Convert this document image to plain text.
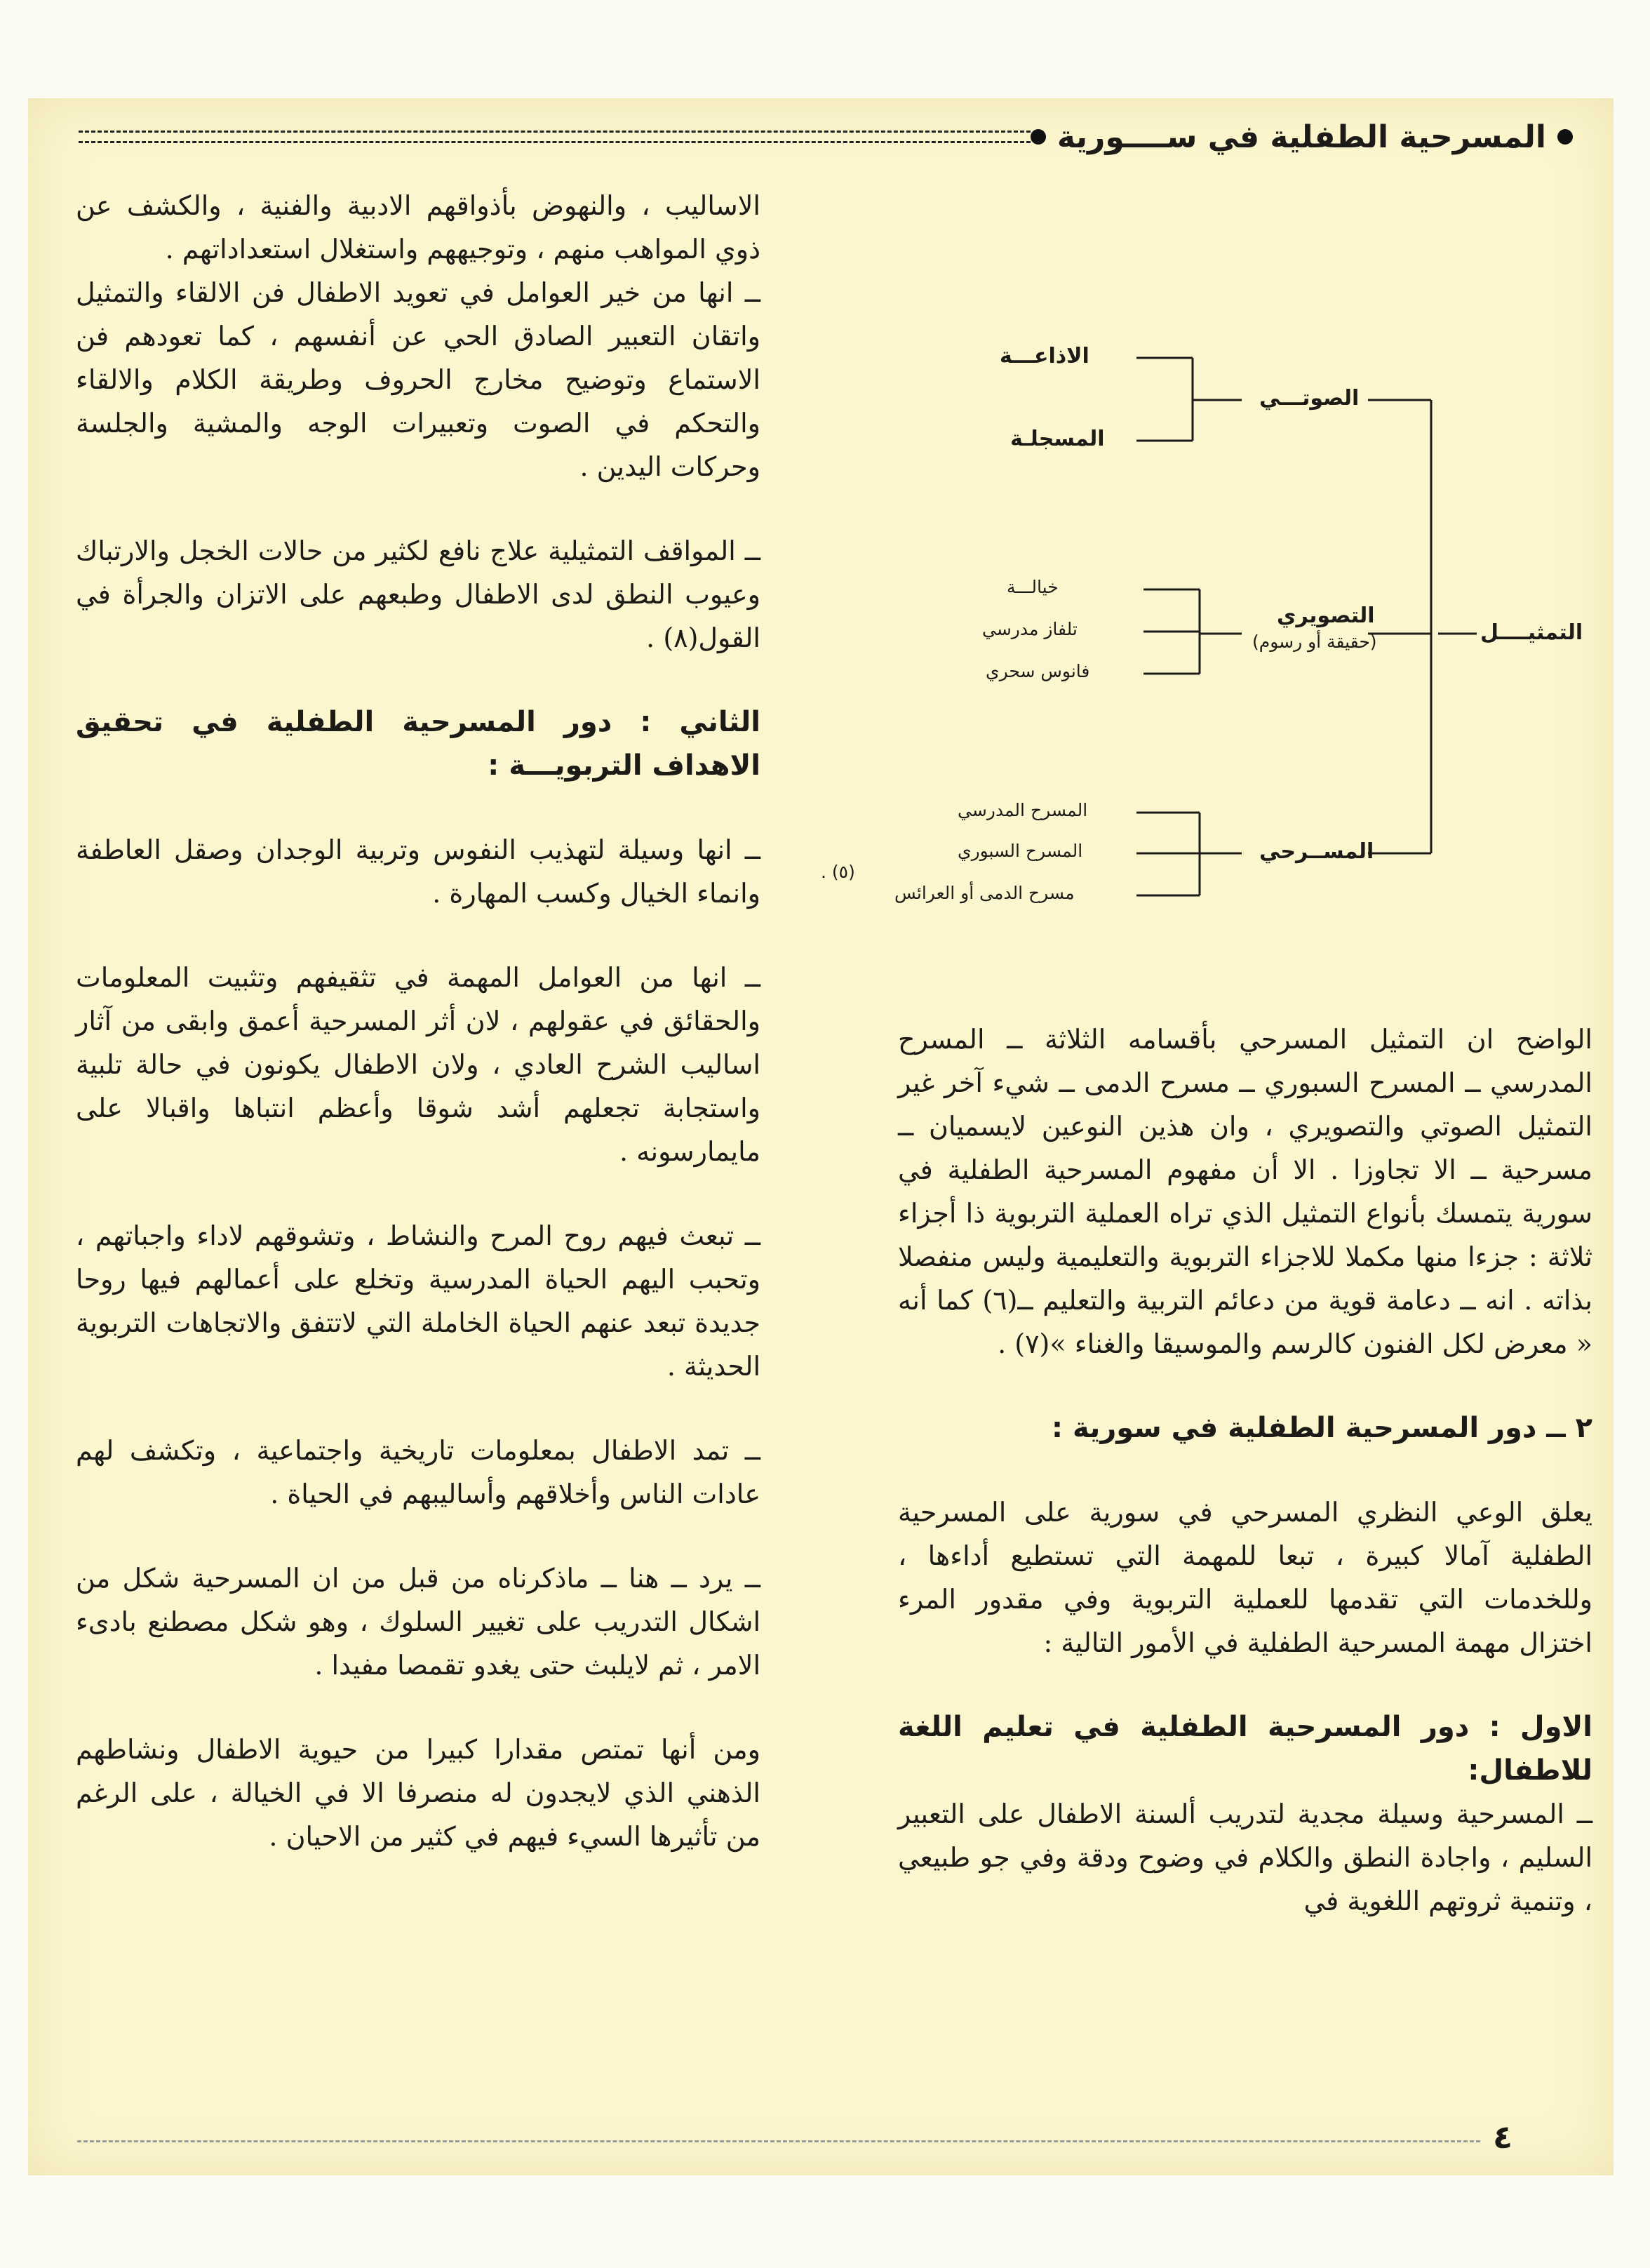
المسرحية الطفلية في ســــورية
التمثيــــل
الصوتـــي
التصويري
(حقيقة أو رسوم)
المســرحي
الاذاعـــة
المسجلـة
خيالـــة
تلفاز مدرسي
فانوس سحري
المسرح المدرسي
المسرح السبوري
مسرح الدمى أو العرائس
(٥) .

الواضح ان التمثيل المسرحي بأقسامه الثلاثة ــ المسرح المدرسي ــ المسرح السبوري ــ مسرح الدمى ــ شيء آخر غير التمثيل الصوتي والتصويري ، وان هذين النوعين لايسميان ــ مسرحية ــ الا تجاوزا . الا أن مفهوم المسرحية الطفلية في سورية يتمسك بأنواع التمثيل الذي تراه العملية التربوية ذا أجزاء ثلاثة : جزءا منها مكملا للاجزاء التربوية والتعليمية وليس منفصلا بذاته . انه ــ دعامة قوية من دعائم التربية والتعليم ــ(٦) كما أنه « معرض لكل الفنون كالرسم والموسيقا والغناء »(٧) .

٢ ــ دور المسرحية الطفلية في سورية :

يعلق الوعي النظري المسرحي في سورية على المسرحية الطفلية آمالا كبيرة ، تبعا للمهمة التي تستطيع أداءها ، وللخدمات التي تقدمها للعملية التربوية وفي مقدور المرء اختزال مهمة المسرحية الطفلية في الأمور التالية :

الاول : دور المسرحية الطفلية في تعليم اللغة للاطفال:

ــ المسرحية وسيلة مجدية لتدريب ألسنة الاطفال على التعبير السليم ، واجادة النطق والكلام في وضوح ودقة وفي جو طبيعي ، وتنمية ثروتهم اللغوية في

الاساليب ، والنهوض بأذواقهم الادبية والفنية ، والكشف عن ذوي المواهب منهم ، وتوجيههم واستغلال استعداداتهم .

ــ انها من خير العوامل في تعويد الاطفال فن الالقاء والتمثيل واتقان التعبير الصادق الحي عن أنفسهم ، كما تعودهم فن الاستماع وتوضيح مخارج الحروف وطريقة الكلام والالقاء والتحكم في الصوت وتعبيرات الوجه والمشية والجلسة وحركات اليدين .

ــ المواقف التمثيلية علاج نافع لكثير من حالات الخجل والارتباك وعيوب النطق لدى الاطفال وطبعهم على الاتزان والجرأة في القول(٨) .

الثاني : دور المسرحية الطفلية في تحقيق الاهداف التربويـــة :

ــ انها وسيلة لتهذيب النفوس وتربية الوجدان وصقل العاطفة وانماء الخيال وكسب المهارة .

ــ انها من العوامل المهمة في تثقيفهم وتثبيت المعلومات والحقائق في عقولهم ، لان أثر المسرحية أعمق وابقى من آثار اساليب الشرح العادي ، ولان الاطفال يكونون في حالة تلبية واستجابة تجعلهم أشد شوقا وأعظم انتباها واقبالا على مايمارسونه .

ــ تبعث فيهم روح المرح والنشاط ، وتشوقهم لاداء واجباتهم ، وتحبب اليهم الحياة المدرسية وتخلع على أعمالهم فيها روحا جديدة تبعد عنهم الحياة الخاملة التي لاتتفق والاتجاهات التربوية الحديثة .

ــ تمد الاطفال بمعلومات تاريخية واجتماعية ، وتكشف لهم عادات الناس وأخلاقهم وأساليبهم في الحياة .

ــ يرد ــ هنا ــ ماذكرناه من قبل من ان المسرحية شكل من اشكال التدريب على تغيير السلوك ، وهو شكل مصطنع بادىء الامر ، ثم لايلبث حتى يغدو تقمصا مفيدا .

ومن أنها تمتص مقدارا كبيرا من حيوية الاطفال ونشاطهم الذهني الذي لايجدون له منصرفا الا في الخيالة ، على الرغم من تأثيرها السيء فيهم في كثير من الاحيان .

٤
